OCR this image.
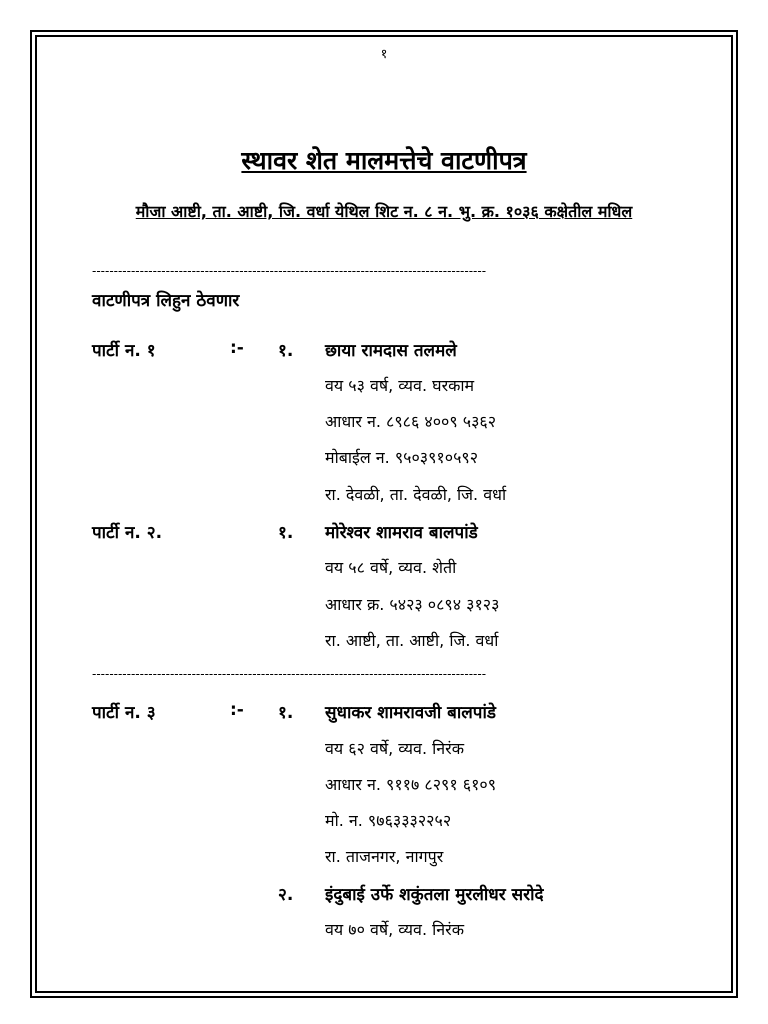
१
स्थावर शेत मालमत्तेचे वाटणीपत्र
मौजा आष्टी, ता. आष्टी, जि. वर्धा येथिल शिट न. ८ न. भु. क्र. १०३६ कक्षेतील मधिल
-------------------------------------------------------------------------------------------
वाटणीपत्र लिहुन ठेवणार
पार्टी न. १	:- १. छाया रामदास तलमले
वय ५३ वर्ष, व्यव. घरकाम
आधार न. ८९८६ ४००९ ५३६२
मोबाईल न. ९५०३९१०५९२
रा. देवळी, ता. देवळी, जि. वर्धा
पार्टी न. २.	१. मोरेश्वर शामराव बालपांडे
वय ५८ वर्षे, व्यव. शेती
आधार क्र. ५४२३ ०८९४ ३१२३
रा. आष्टी, ता. आष्टी, जि. वर्धा
-------------------------------------------------------------------------------------------
पार्टी न. ३	:- १. सुधाकर शामरावजी बालपांडे
वय ६२ वर्षे, व्यव. निरंक
आधार न. ९११७ ८२९१ ६१०९
मो. न. ९७६३३३२२५२
रा. ताजनगर, नागपुर
२. इंदुबाई उर्फे शकुंतला मुरलीधर सरोदे
वय ७० वर्षे, व्यव. निरंक
